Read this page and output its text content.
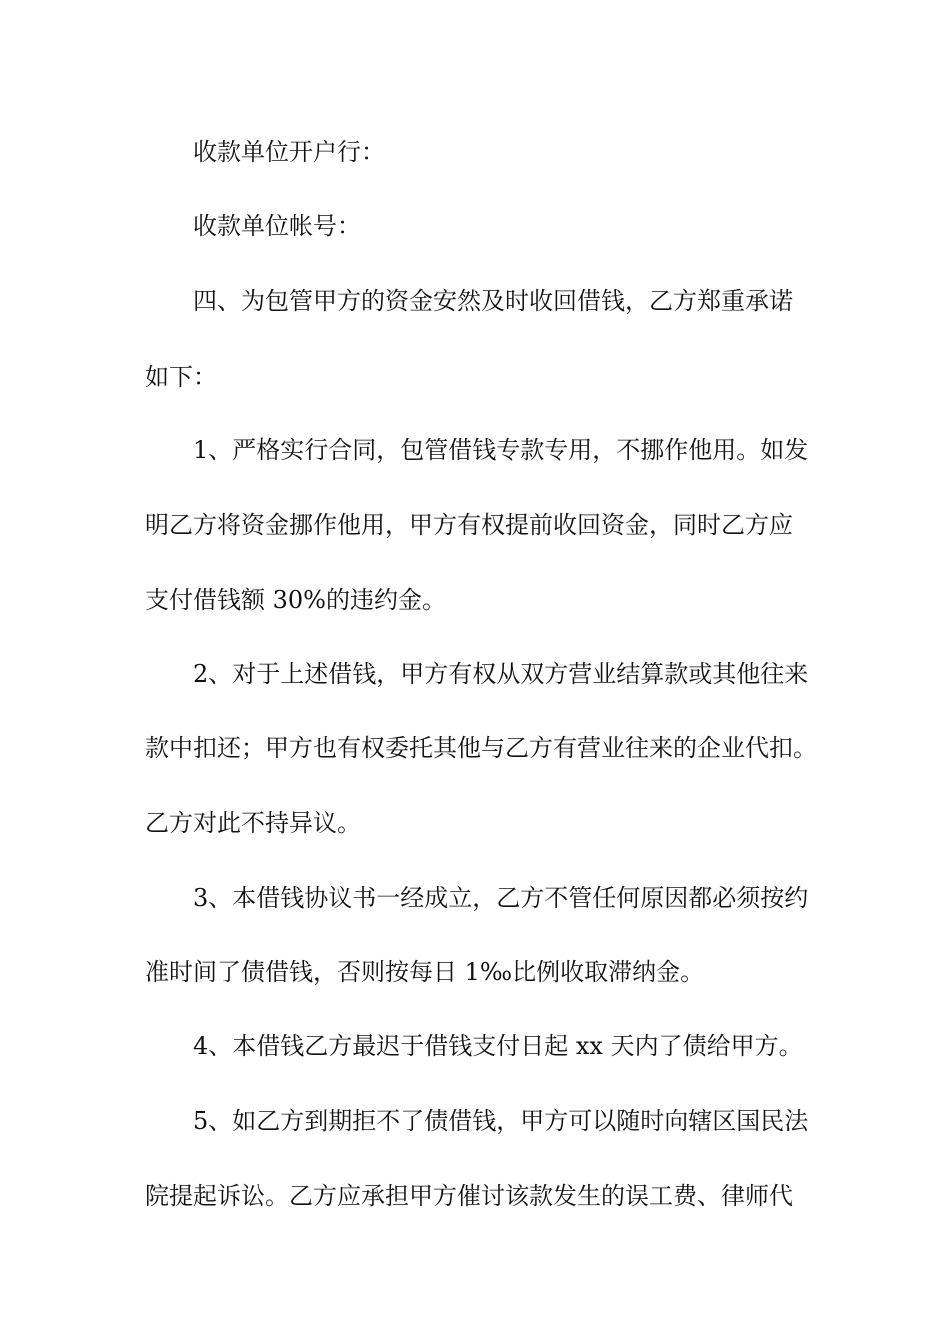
收款单位开户行：
收款单位帐号：
四、为包管甲方的资金安然及时收回借钱，乙方郑重承诺
如下：
1、严格实行合同，包管借钱专款专用，不挪作他用。如发
明乙方将资金挪作他用，甲方有权提前收回资金，同时乙方应
支付借钱额 30%的违约金。
2、对于上述借钱，甲方有权从双方营业结算款或其他往来
款中扣还；甲方也有权委托其他与乙方有营业往来的企业代扣。
乙方对此不持异议。
3、本借钱协议书一经成立，乙方不管任何原因都必须按约
准时间了债借钱，否则按每日 1‰比例收取滞纳金。
4、本借钱乙方最迟于借钱支付日起 xx 天内了债给甲方。
5、如乙方到期拒不了债借钱，甲方可以随时向辖区国民法
院提起诉讼。乙方应承担甲方催讨该款发生的误工费、律师代
